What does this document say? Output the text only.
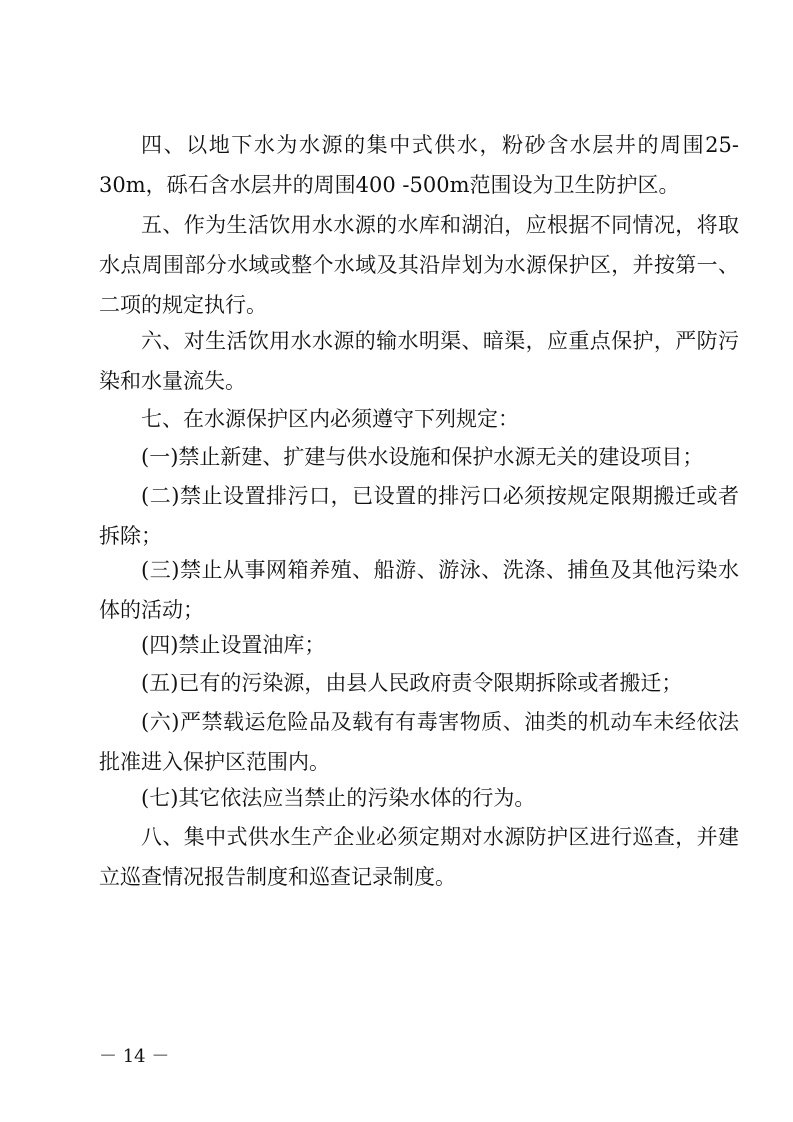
四、以地下水为水源的集中式供水，粉砂含水层井的周围25-30m，砾石含水层井的周围400 -500m范围设为卫生防护区。

五、作为生活饮用水水源的水库和湖泊，应根据不同情况，将取水点周围部分水域或整个水域及其沿岸划为水源保护区，并按第一、二项的规定执行。

六、对生活饮用水水源的输水明渠、暗渠，应重点保护，严防污染和水量流失。

七、在水源保护区内必须遵守下列规定：

(一)禁止新建、扩建与供水设施和保护水源无关的建设项目；

(二)禁止设置排污口，已设置的排污口必须按规定限期搬迁或者拆除；

(三)禁止从事网箱养殖、船游、游泳、洗涤、捕鱼及其他污染水体的活动；

(四)禁止设置油库；

(五)已有的污染源，由县人民政府责令限期拆除或者搬迁；

(六)严禁载运危险品及载有有毒害物质、油类的机动车未经依法批准进入保护区范围内。

(七)其它依法应当禁止的污染水体的行为。

八、集中式供水生产企业必须定期对水源防护区进行巡查，并建立巡查情况报告制度和巡查记录制度。

－ 14 －
